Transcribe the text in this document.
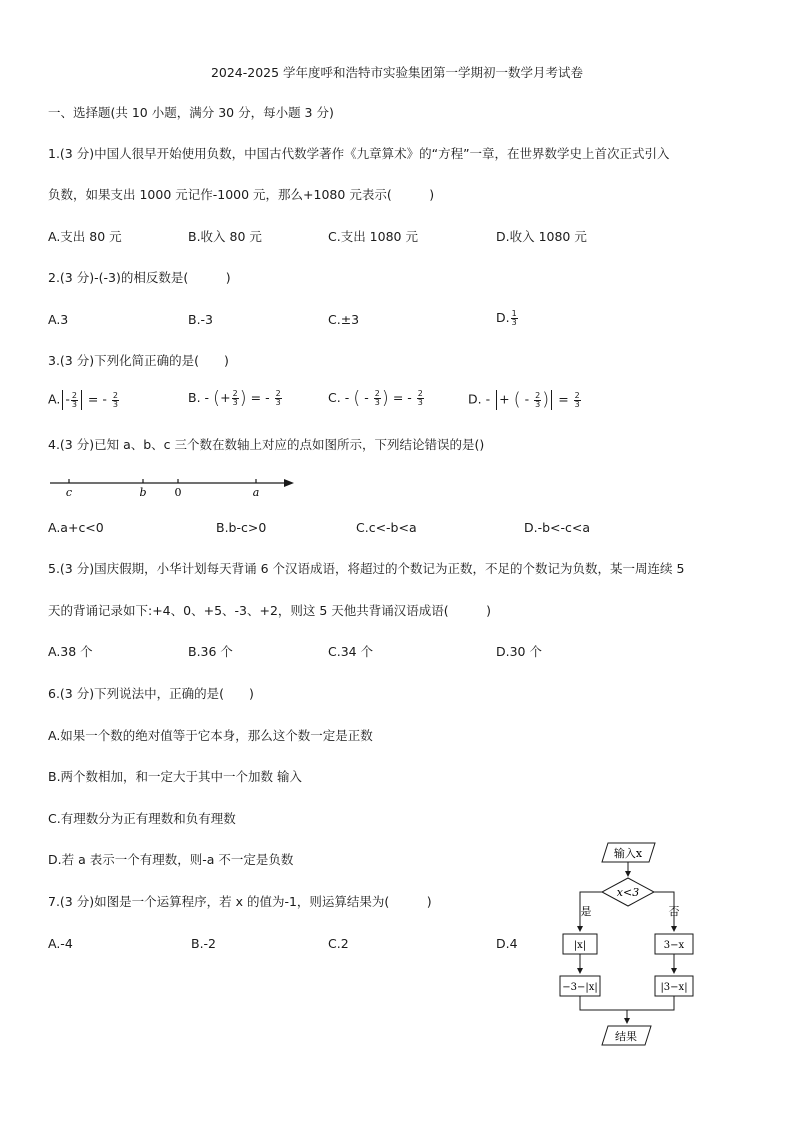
2024-2025 学年度呼和浩特市实验集团第一学期初一数学月考试卷
一、选择题(共 10 小题，满分 30 分，每小题 3 分)
1.(3 分)中国人很早开始使用负数，中国古代数学著作《九章算术》的“方程”一章，在世界数学史上首次正式引入
负数，如果支出 1000 元记作-1000 元，那么+1080 元表示(　　　)
A.支出 80 元	B.收入 80 元	C.支出 1080 元	D.收入 1080 元
2.(3 分)-(-3)的相反数是(　　　)
A.3	B.-3	C.±3	D. $\frac{1}{3}$
3.(3 分)下列化简正确的是(　　)
A. - $\frac{2}{3}$ = - $\frac{2}{3}$	B. - (+ $\frac{2}{3}$ ) = - $\frac{2}{3}$	C. - ( - $\frac{2}{3}$ ) = - $\frac{2}{3}$	D. - + ( - $\frac{2}{3}$ ) = $\frac{2}{3}$
4.(3 分)已知 a、b、c 三个数在数轴上对应的点如图所示，下列结论错误的是()
c	b	0	a
A.a+c<0	B.b-c>0	C.c<-b<a	D.-b<-c<a
5.(3 分)国庆假期，小华计划每天背诵 6 个汉语成语，将超过的个数记为正数，不足的个数记为负数，某一周连续 5
天的背诵记录如下:+4、0、+5、-3、+2，则这 5 天他共背诵汉语成语(　　　)
A.38 个	B.36 个	C.34 个	D.30 个
6.(3 分)下列说法中，正确的是(　　)
A.如果一个数的绝对值等于它本身，那么这个数一定是正数
B.两个数相加，和一定大于其中一个加数 输入
C.有理数分为正有理数和负有理数
D.若 a 表示一个有理数，则-a 不一定是负数
7.(3 分)如图是一个运算程序，若 x 的值为-1，则运算结果为(　　　)
A.-4	B.-2	C.2	D.4
输入x
x<3
是	否
|x|	3−x
−3−|x|	|3−x|
结果
